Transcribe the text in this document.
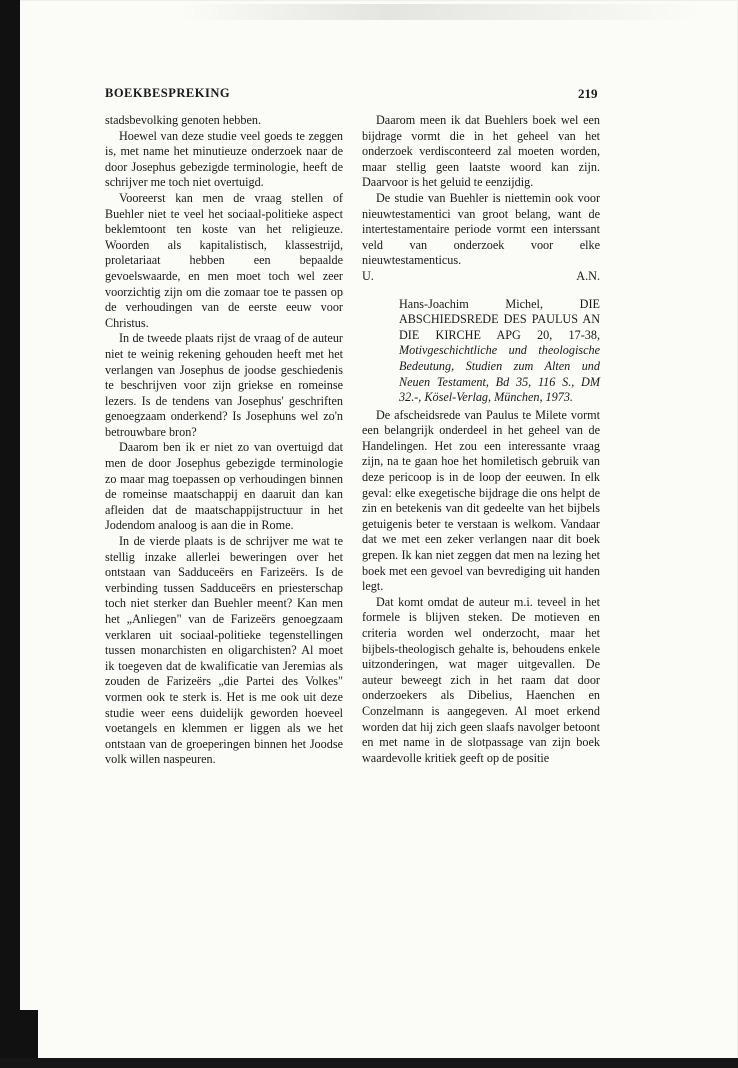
BOEKBESPREKING	219

stadsbevolking genoten hebben.

Hoewel van deze studie veel goeds te zeggen is, met name het minutieuze onderzoek naar de door Josephus gebezigde terminologie, heeft de schrijver me toch niet overtuigd.

Vooreerst kan men de vraag stellen of Buehler niet te veel het sociaal-politieke aspect beklemtoont ten koste van het religieuze. Woorden als kapitalistisch, klassestrijd, proletariaat hebben een bepaalde gevoelswaarde, en men moet toch wel zeer voorzichtig zijn om die zomaar toe te passen op de verhoudingen van de eerste eeuw voor Christus.

In de tweede plaats rijst de vraag of de auteur niet te weinig rekening gehouden heeft met het verlangen van Josephus de joodse geschiedenis te beschrijven voor zijn griekse en romeinse lezers. Is de tendens van Josephus' geschriften genoegzaam onderkend? Is Josephuns wel zo'n betrouwbare bron?

Daarom ben ik er niet zo van overtuigd dat men de door Josephus gebezigde terminologie zo maar mag toepassen op verhoudingen binnen de romeinse maatschappij en daaruit dan kan afleiden dat de maatschappijstructuur in het Jodendom analoog is aan die in Rome.

In de vierde plaats is de schrijver me wat te stellig inzake allerlei beweringen over het ontstaan van Sadduceërs en Farizeërs. Is de verbinding tussen Sadduceërs en priesterschap toch niet sterker dan Buehler meent? Kan men het „Anliegen" van de Farizeërs genoegzaam verklaren uit sociaal-politieke tegenstellingen tussen monarchisten en oligarchisten? Al moet ik toegeven dat de kwalificatie van Jeremias als zouden de Farizeërs „die Partei des Volkes" vormen ook te sterk is. Het is me ook uit deze studie weer eens duidelijk geworden hoeveel voetangels en klemmen er liggen als we het ontstaan van de groeperingen binnen het Joodse volk willen naspeuren.

Daarom meen ik dat Buehlers boek wel een bijdrage vormt die in het geheel van het onderzoek verdisconteerd zal moeten worden, maar stellig geen laatste woord kan zijn. Daarvoor is het geluid te eenzijdig.

De studie van Buehler is niettemin ook voor nieuwtestamentici van groot belang, want de intertestamentaire periode vormt een interssant veld van onderzoek voor elke nieuwtestamenticus.

U.	A.N.
Hans-Joachim Michel, DIE ABSCHIEDSREDE DES PAULUS AN DIE KIRCHE APG 20, 17-38, Motivgeschichtliche und theologische Bedeutung, Studien zum Alten und Neuen Testament, Bd 35, 116 S., DM 32.-, Kösel-Verlag, München, 1973.

De afscheidsrede van Paulus te Milete vormt een belangrijk onderdeel in het geheel van de Handelingen. Het zou een interessante vraag zijn, na te gaan hoe het homiletisch gebruik van deze pericoop is in de loop der eeuwen. In elk geval: elke exegetische bijdrage die ons helpt de zin en betekenis van dit gedeelte van het bijbels getuigenis beter te verstaan is welkom. Vandaar dat we met een zeker verlangen naar dit boek grepen. Ik kan niet zeggen dat men na lezing het boek met een gevoel van bevrediging uit handen legt.

Dat komt omdat de auteur m.i. teveel in het formele is blijven steken. De motieven en criteria worden wel onderzocht, maar het bijbels-theologisch gehalte is, behoudens enkele uitzonderingen, wat mager uitgevallen. De auteur beweegt zich in het raam dat door onderzoekers als Dibelius, Haenchen en Conzelmann is aangegeven. Al moet erkend worden dat hij zich geen slaafs navolger betoont en met name in de slotpassage van zijn boek waardevolle kritiek geeft op de positie
